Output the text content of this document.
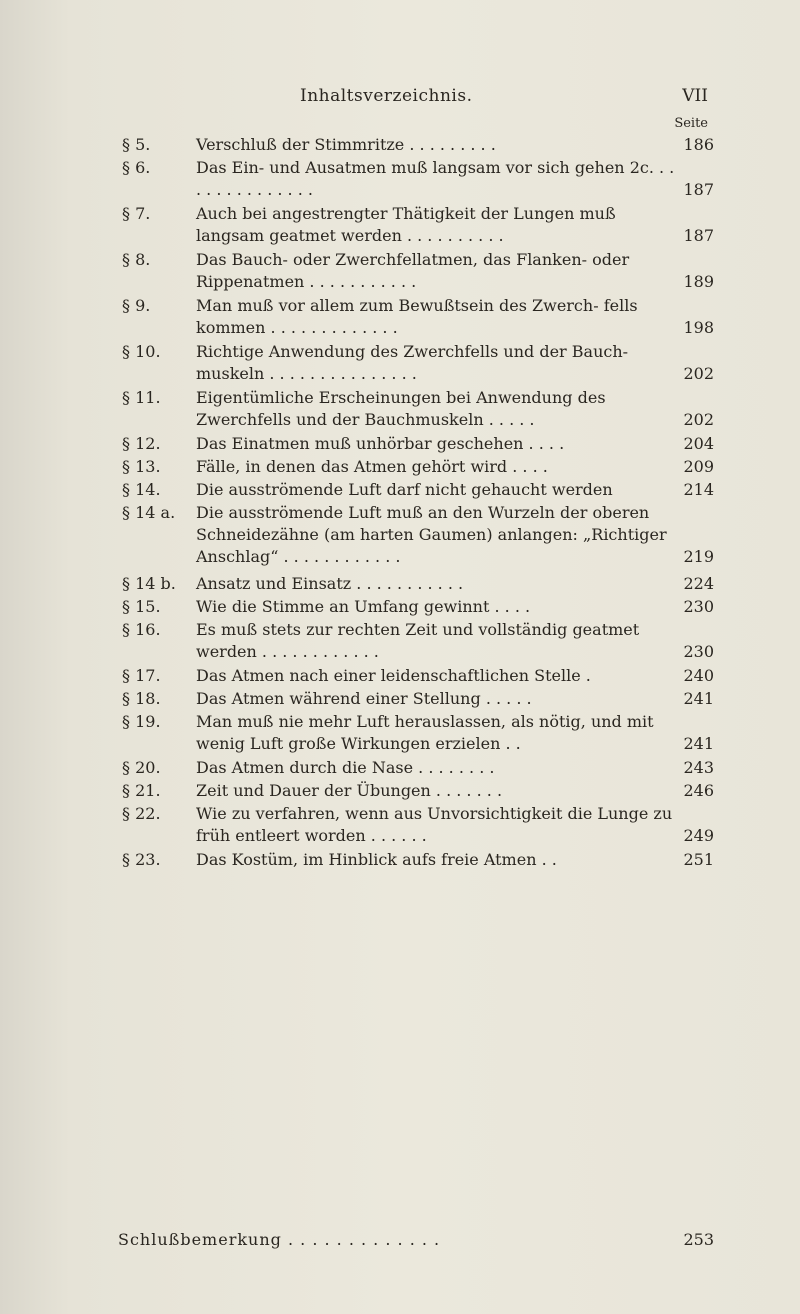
Inhaltsverzeichnis.	VII
Seite
§ 5.	Verschluß der Stimmritze . . . . . . . . .	186
§ 6.	Das Ein- und Ausatmen muß langsam vor sich gehen 2c. . . . . . . . . . . . . . .	187
§ 7.	Auch bei angestrengter Thätigkeit der Lungen muß langsam geatmet werden . . . . . . . . . .	187
§ 8.	Das Bauch- oder Zwerchfellatmen, das Flanken- oder Rippenatmen . . . . . . . . . . .	189
§ 9.	Man muß vor allem zum Bewußtsein des Zwerch- fells kommen . . . . . . . . . . . . .	198
§ 10.	Richtige Anwendung des Zwerchfells und der Bauch- muskeln . . . . . . . . . . . . . . .	202
§ 11.	Eigentümliche Erscheinungen bei Anwendung des Zwerchfells und der Bauchmuskeln . . . . .	202
§ 12.	Das Einatmen muß unhörbar geschehen . . . .	204
§ 13.	Fälle, in denen das Atmen gehört wird . . . .	209
§ 14.	Die ausströmende Luft darf nicht gehaucht werden	214
§ 14 a.	Die ausströmende Luft muß an den Wurzeln der oberen Schneidezähne (am harten Gaumen) anlangen: „Richtiger Anschlag“ . . . . . . . . . . . .	219
§ 14 b.	Ansatz und Einsatz . . . . . . . . . . .	224
§ 15.	Wie die Stimme an Umfang gewinnt . . . .	230
§ 16.	Es muß stets zur rechten Zeit und vollständig geatmet werden . . . . . . . . . . . .	230
§ 17.	Das Atmen nach einer leidenschaftlichen Stelle .	240
§ 18.	Das Atmen während einer Stellung . . . . .	241
§ 19.	Man muß nie mehr Luft herauslassen, als nötig, und mit wenig Luft große Wirkungen erzielen . .	241
§ 20.	Das Atmen durch die Nase . . . . . . . .	243
§ 21.	Zeit und Dauer der Übungen . . . . . . .	246
§ 22.	Wie zu verfahren, wenn aus Unvorsichtigkeit die Lunge zu früh entleert worden . . . . . .	249
§ 23.	Das Kostüm, im Hinblick aufs freie Atmen . .	251
Schlußbemerkung . . . . . . . . . . . . .	253
